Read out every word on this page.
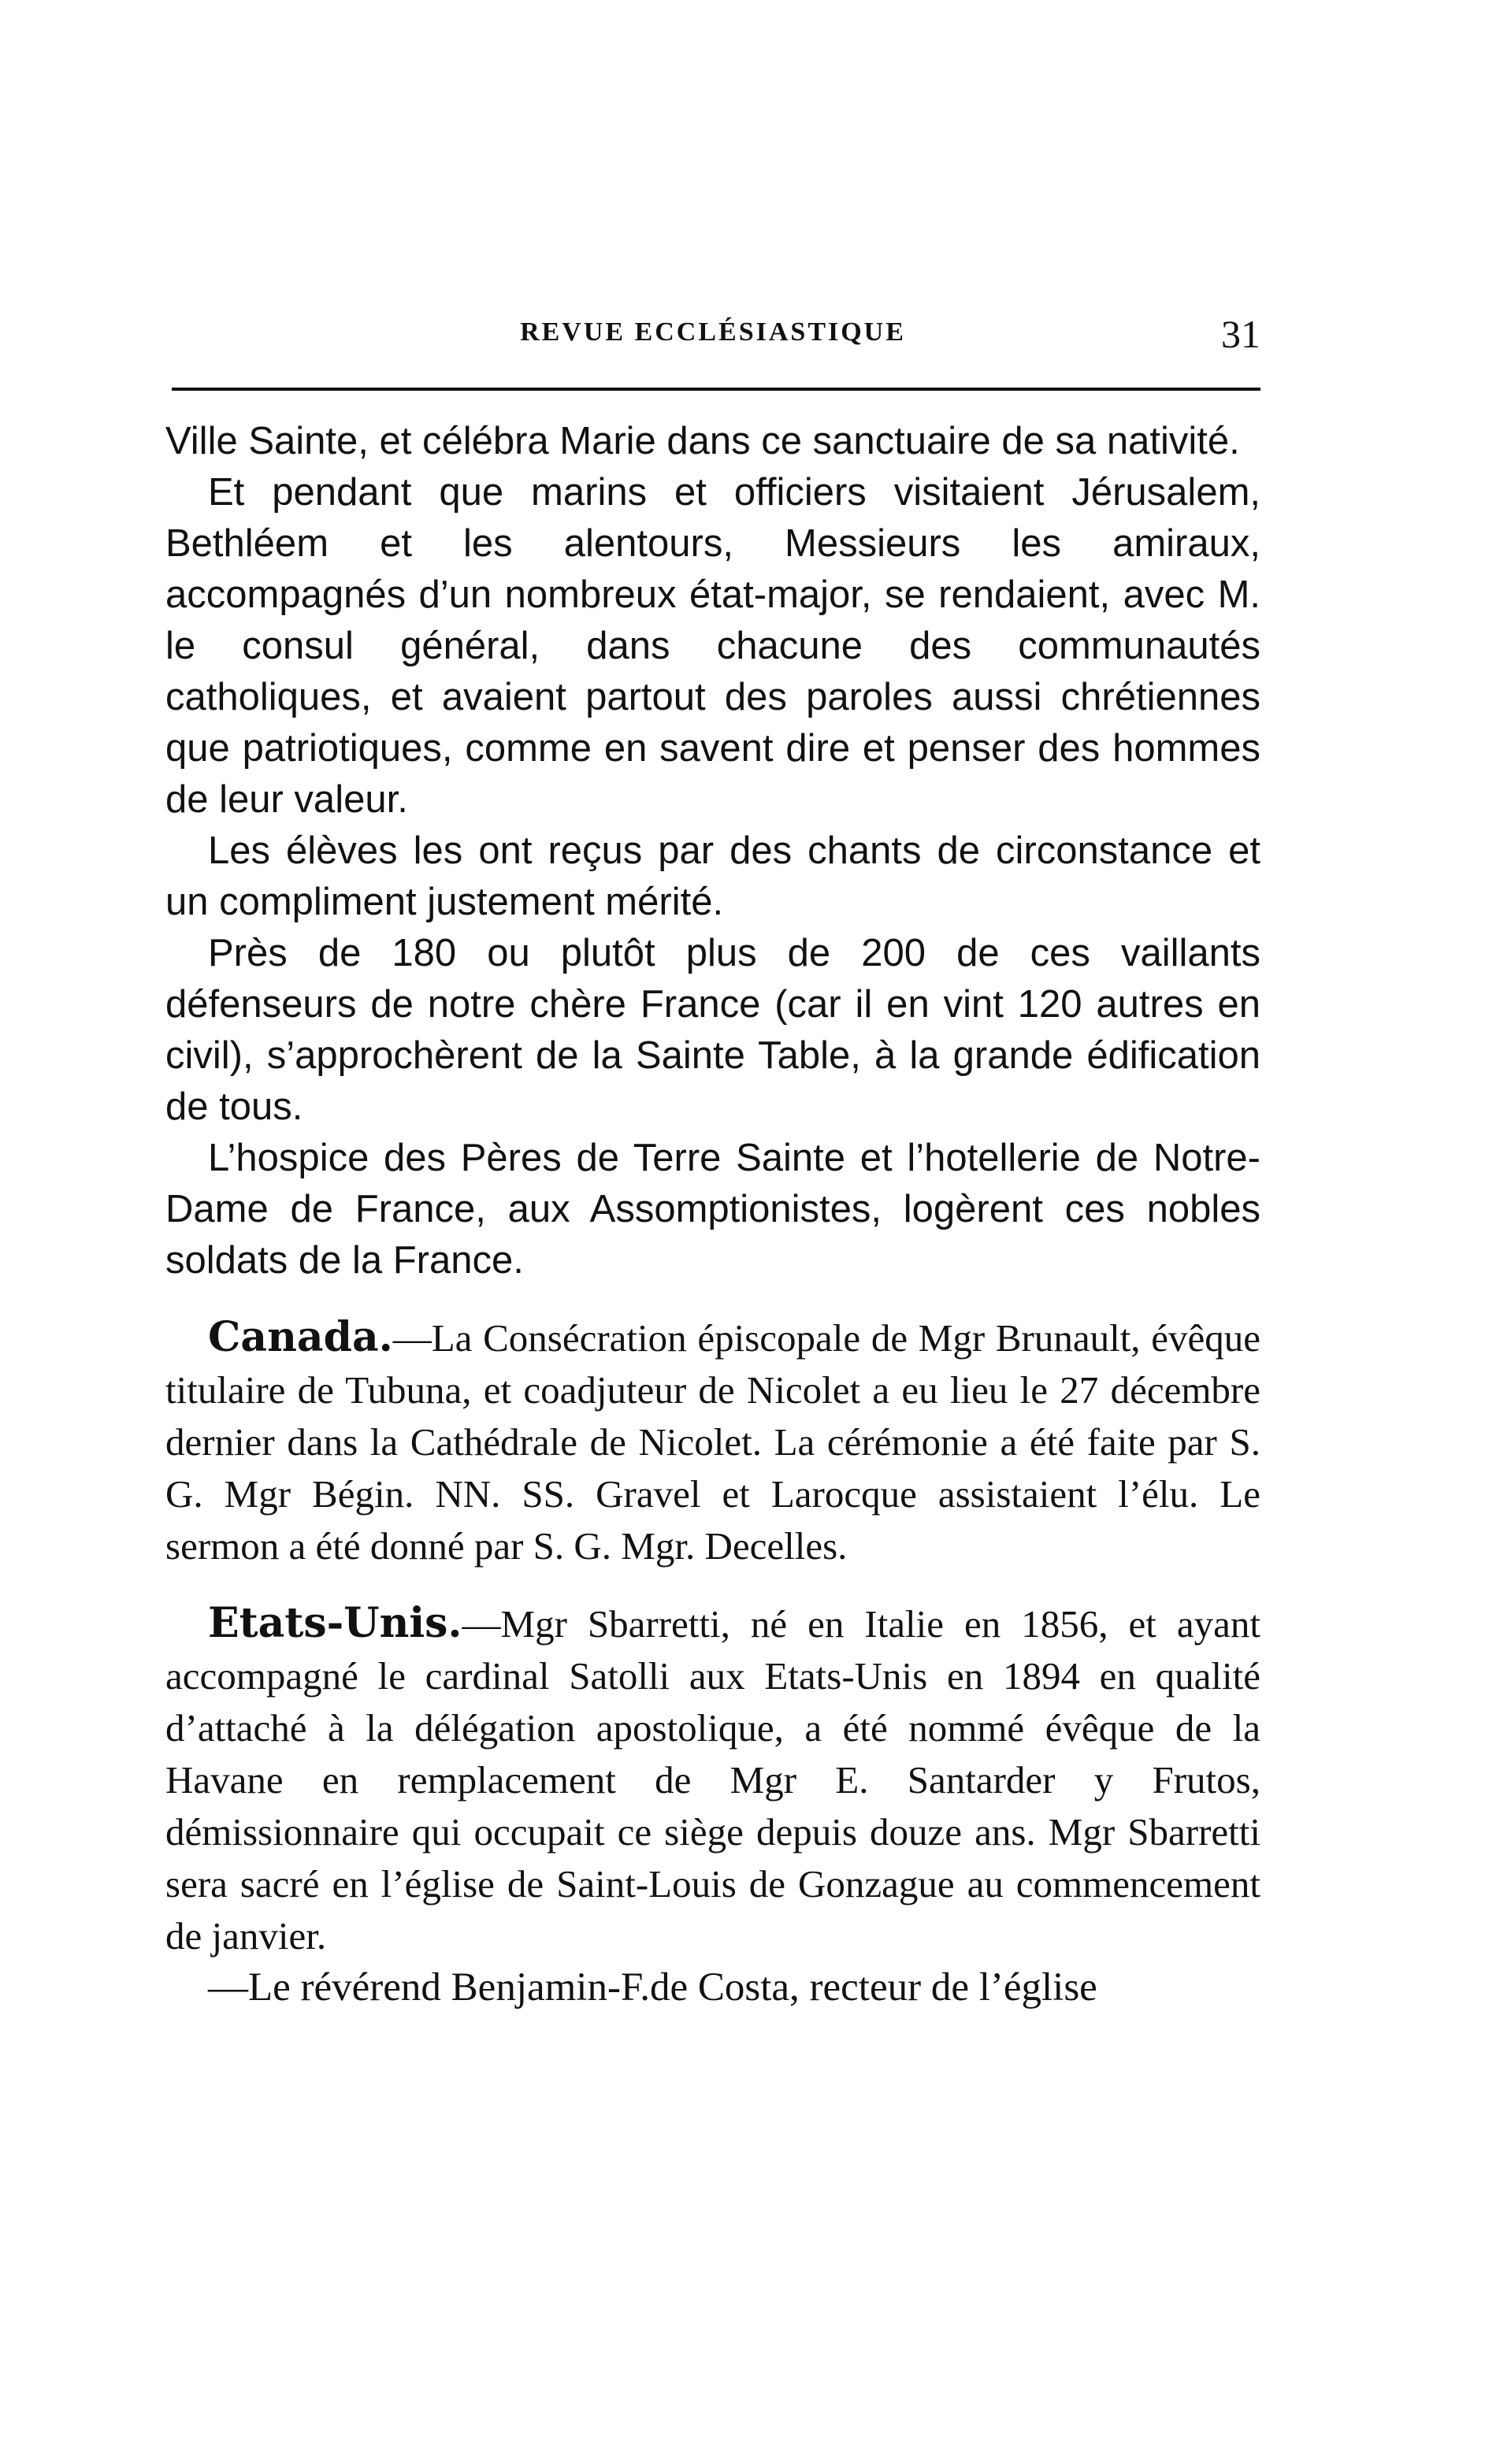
REVUE ECCLÉSIASTIQUE	31

Ville Sainte, et célébra Marie dans ce sanctuaire de sa nativité.

Et pendant que marins et officiers visitaient Jérusalem, Bethléem et les alentours, Messieurs les amiraux, accompagnés d’un nombreux état-major, se rendaient, avec M. le consul général, dans chacune des communautés catholiques, et avaient partout des paroles aussi chrétiennes que patriotiques, comme en savent dire et penser des hommes de leur valeur.

Les élèves les ont reçus par des chants de circonstance et un compliment justement mérité.

Près de 180 ou plutôt plus de 200 de ces vaillants défenseurs de notre chère France (car il en vint 120 autres en civil), s’approchèrent de la Sainte Table, à la grande édification de tous.

L’hospice des Pères de Terre Sainte et l’hotellerie de Notre-Dame de France, aux Assomptionistes, logèrent ces nobles soldats de la France.

Canada.—La Consécration épiscopale de Mgr Brunault, évêque titulaire de Tubuna, et coadjuteur de Nicolet a eu lieu le 27 décembre dernier dans la Cathédrale de Nicolet. La cérémonie a été faite par S. G. Mgr Bégin. NN. SS. Gravel et Larocque assistaient l’élu. Le sermon a été donné par S. G. Mgr. Decelles.

Etats-Unis.—Mgr Sbarretti, né en Italie en 1856, et ayant accompagné le cardinal Satolli aux Etats-Unis en 1894 en qualité d’attaché à la délégation apostolique, a été nommé évêque de la Havane en remplacement de Mgr E. Santarder y Frutos, démissionnaire qui occupait ce siège depuis douze ans. Mgr Sbarretti sera sacré en l’église de Saint-Louis de Gonzague au commencement de janvier.

—Le révérend Benjamin-F.de Costa, recteur de l’église
